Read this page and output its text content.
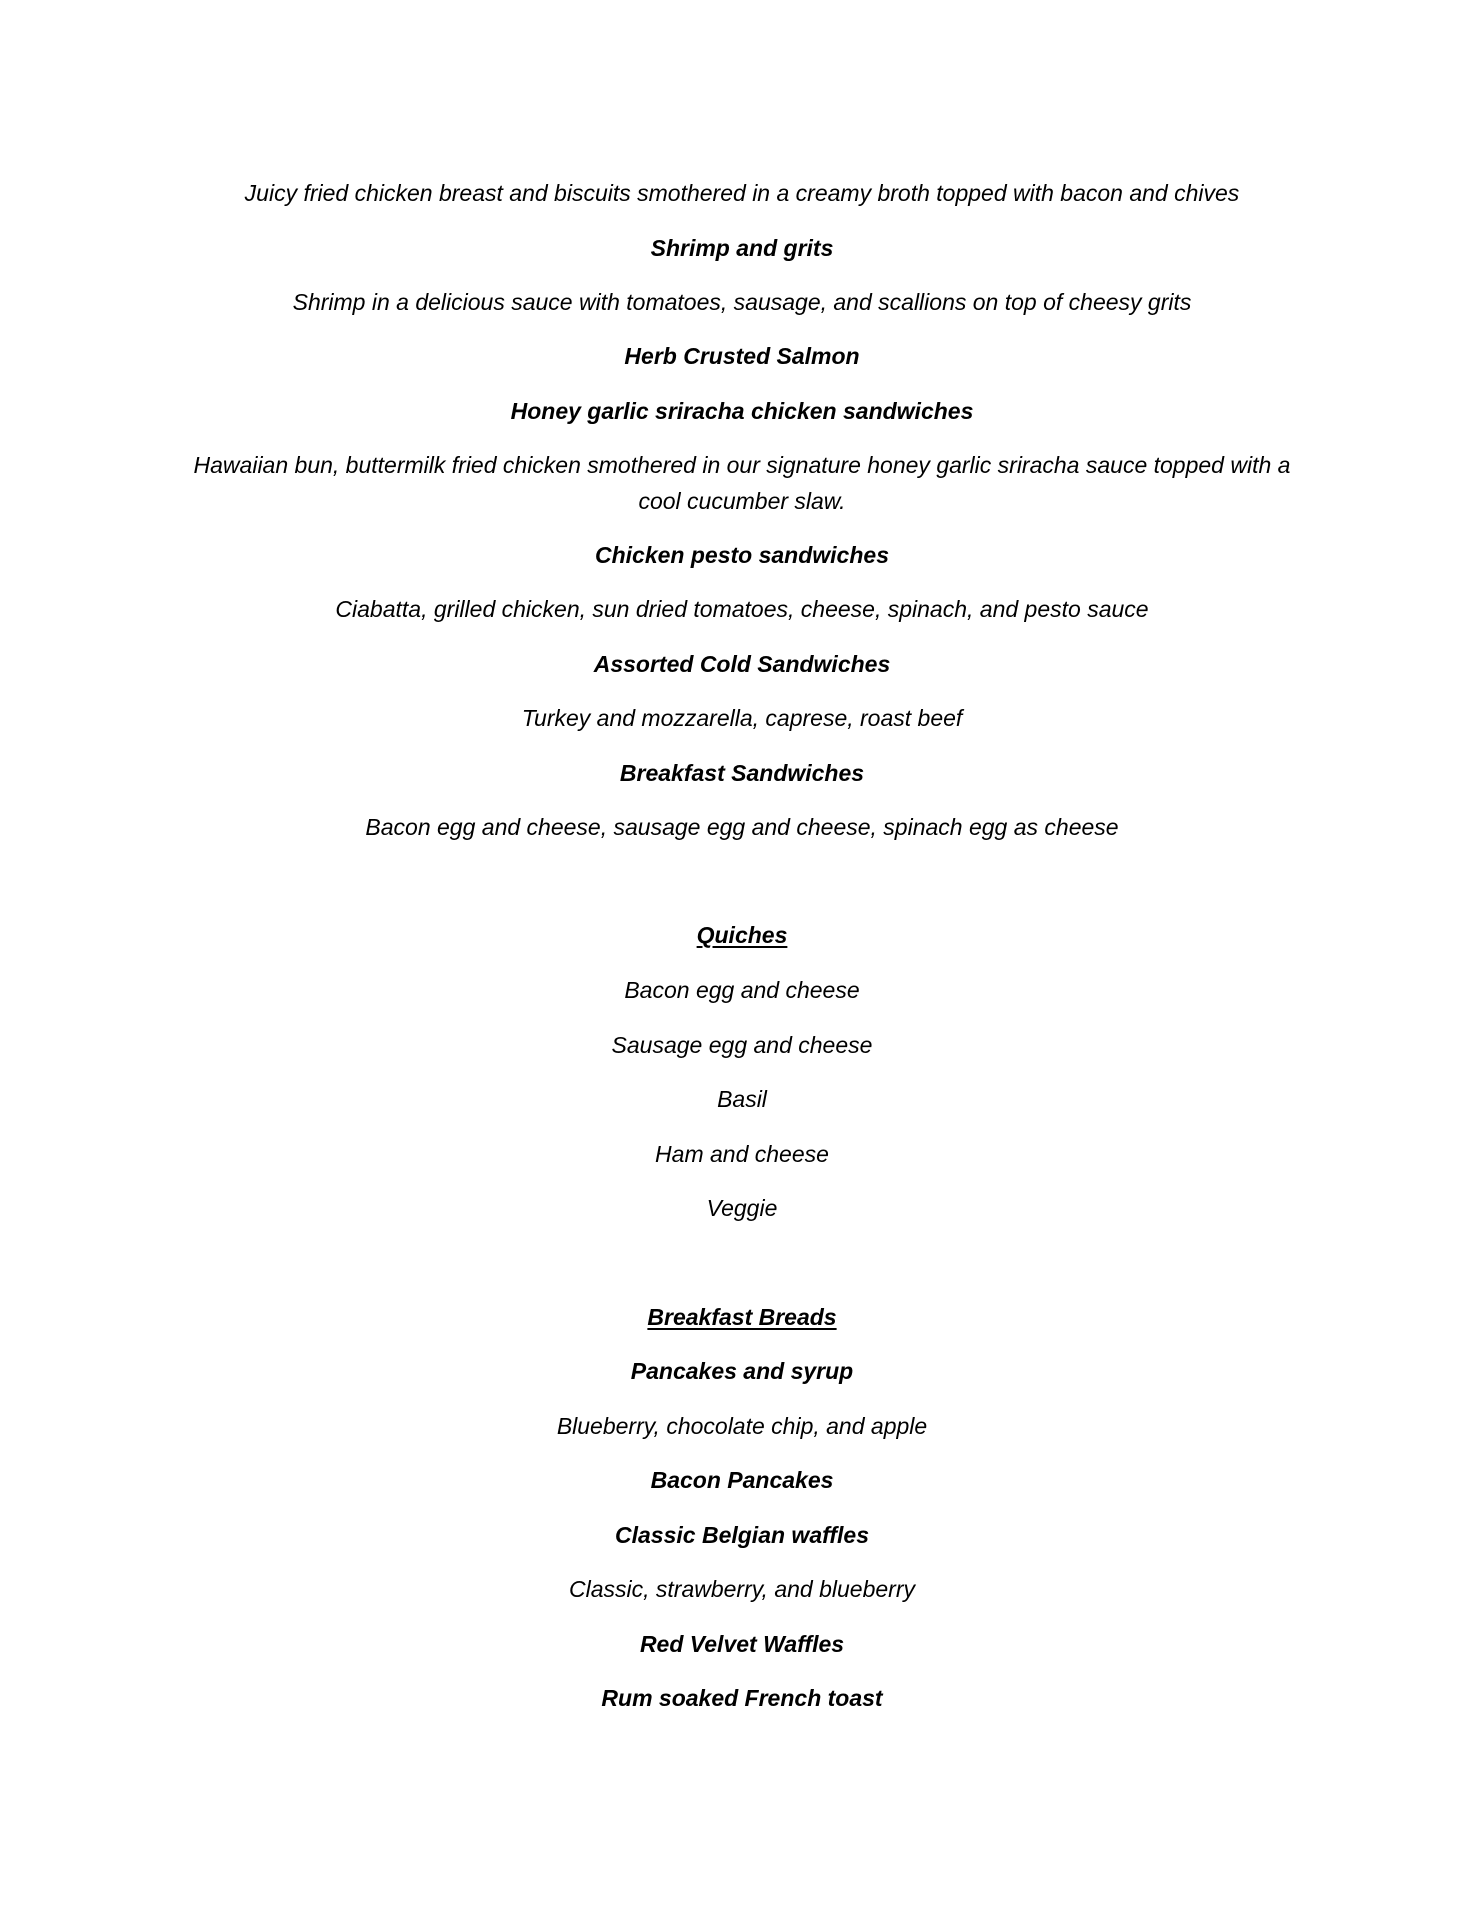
Juicy fried chicken breast and biscuits smothered in a creamy broth topped with bacon and chives
Shrimp and grits
Shrimp in a delicious sauce with tomatoes, sausage, and scallions on top of cheesy grits
Herb Crusted Salmon
Honey garlic sriracha chicken sandwiches
Hawaiian bun, buttermilk fried chicken smothered in our signature honey garlic sriracha sauce topped with a cool cucumber slaw.
Chicken pesto sandwiches
Ciabatta, grilled chicken, sun dried tomatoes, cheese, spinach, and pesto sauce
Assorted Cold Sandwiches
Turkey and mozzarella, caprese, roast beef
Breakfast Sandwiches
Bacon egg and cheese, sausage egg and cheese, spinach egg as cheese
Quiches
Bacon egg and cheese
Sausage egg and cheese
Basil
Ham and cheese
Veggie
Breakfast Breads
Pancakes and syrup
Blueberry, chocolate chip, and apple
Bacon Pancakes
Classic Belgian waffles
Classic, strawberry, and blueberry
Red Velvet Waffles
Rum soaked French toast
